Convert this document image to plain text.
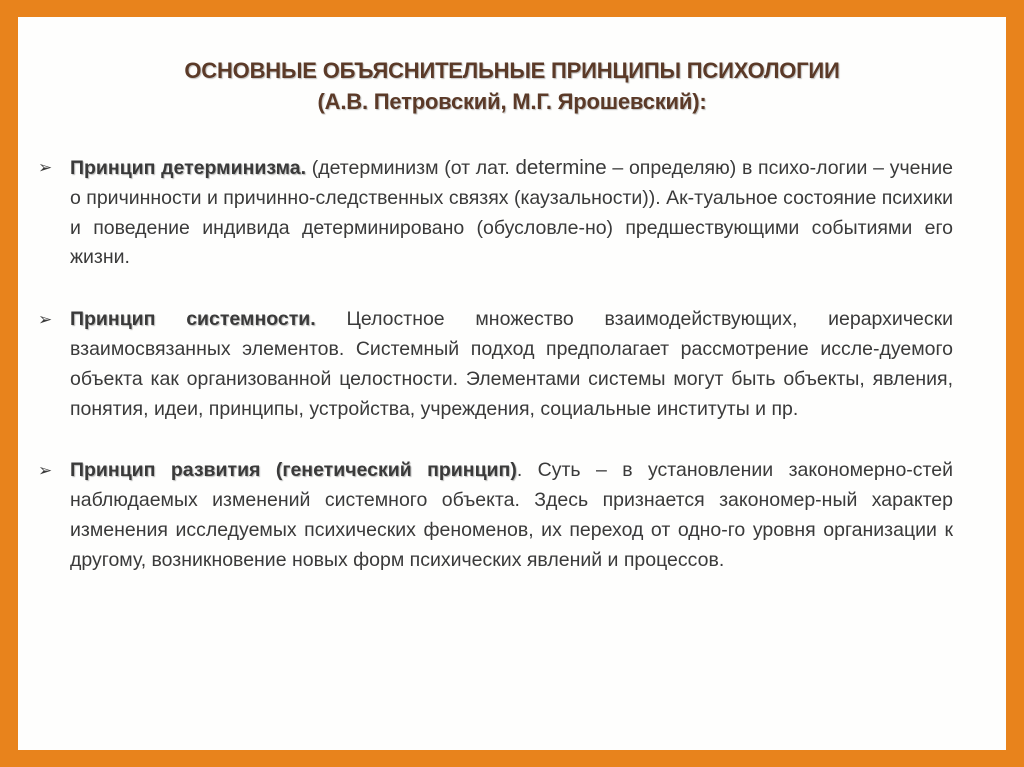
ОСНОВНЫЕ ОБЪЯСНИТЕЛЬНЫЕ ПРИНЦИПЫ ПСИХОЛОГИИ
(А.В. Петровский, М.Г. Ярошевский):
➢ Принцип детерминизма. (детерминизм (от лат. determine – определяю) в психо-логии – учение о причинности и причинно-следственных связях (каузальности)). Ак-туальное состояние психики и поведение индивида детерминировано (обусловле-но) предшествующими событиями его жизни.
➢ Принцип системности. Целостное множество взаимодействующих, иерархически взаимосвязанных элементов. Системный подход предполагает рассмотрение иссле-дуемого объекта как организованной целостности. Элементами системы могут быть объекты, явления, понятия, идеи, принципы, устройства, учреждения, социальные институты и пр.
➢ Принцип развития (генетический принцип). Суть – в установлении закономерно-стей наблюдаемых изменений системного объекта. Здесь признается закономер-ный характер изменения исследуемых психических феноменов, их переход от одно-го уровня организации к другому, возникновение новых форм психических явлений и процессов.
